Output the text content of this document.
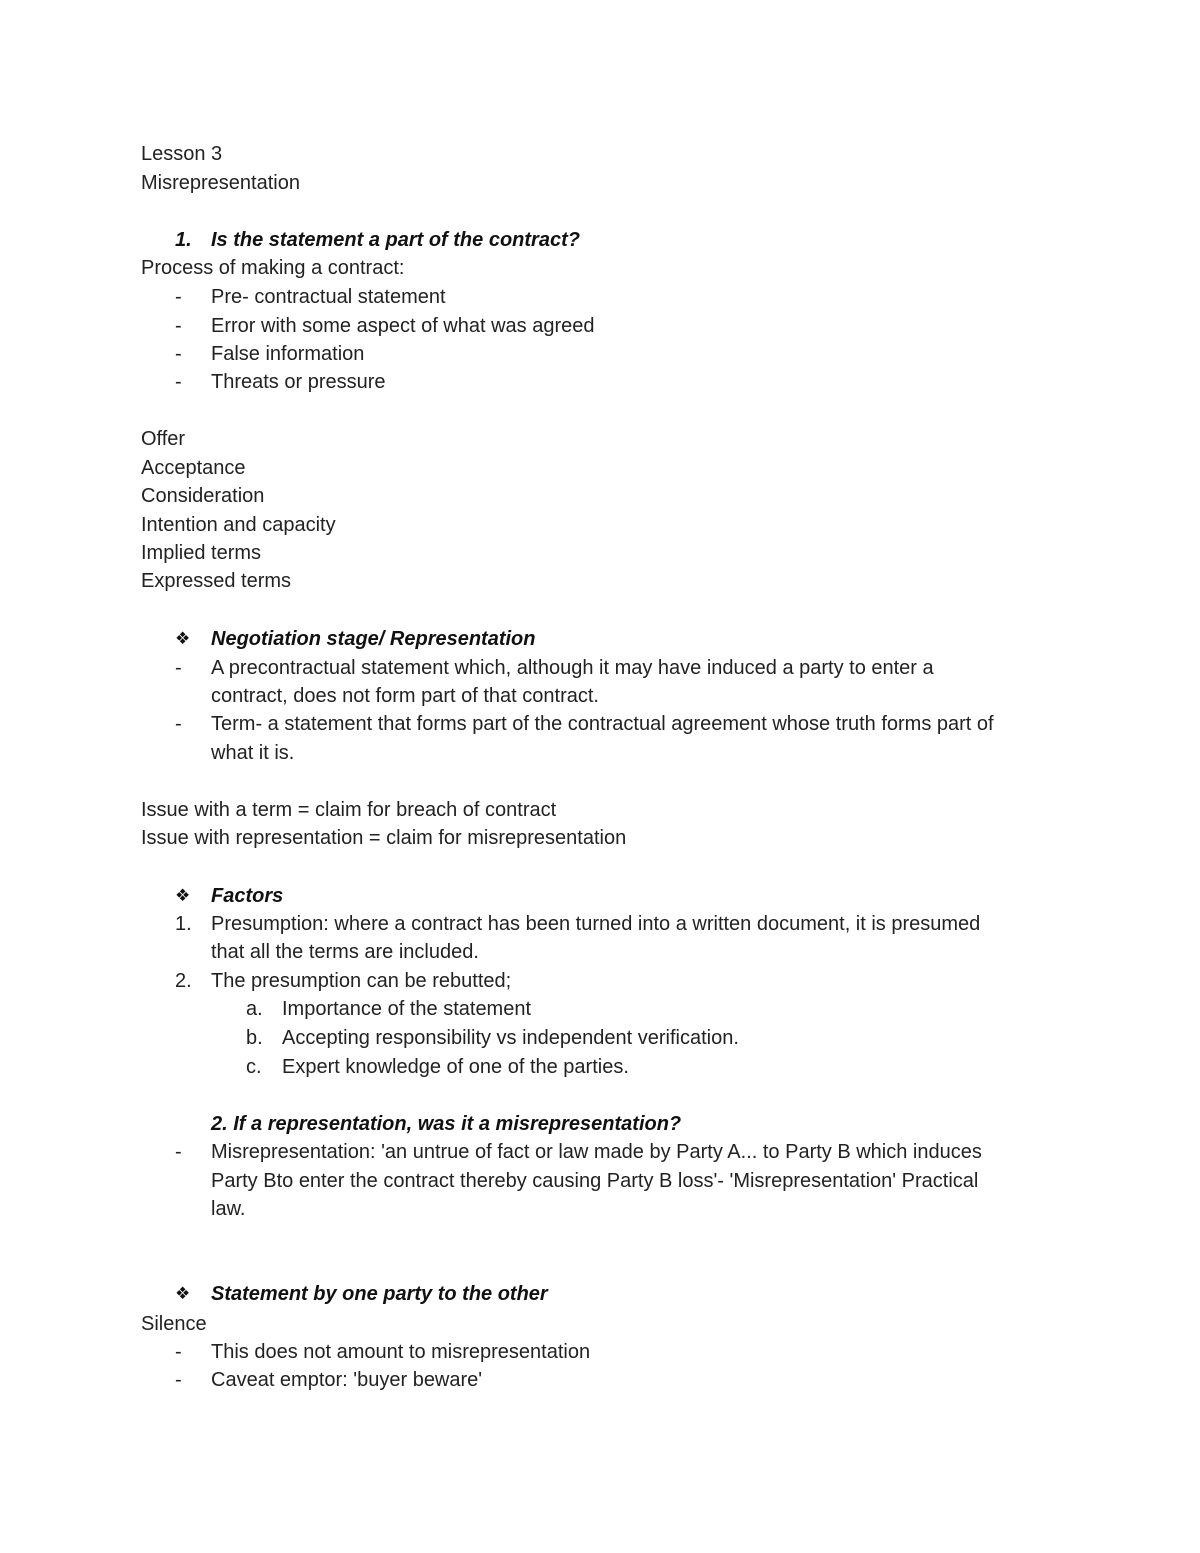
Lesson 3
Misrepresentation
1. Is the statement a part of the contract?
Process of making a contract:
- Pre- contractual statement
- Error with some aspect of what was agreed
- False information
- Threats or pressure
Offer
Acceptance
Consideration
Intention and capacity
Implied terms
Expressed terms
❖ Negotiation stage/ Representation
- A precontractual statement which, although it may have induced a party to enter a
contract, does not form part of that contract.
- Term- a statement that forms part of the contractual agreement whose truth forms part of
what it is.
Issue with a term = claim for breach of contract
Issue with representation = claim for misrepresentation
❖ Factors
1. Presumption: where a contract has been turned into a written document, it is presumed
that all the terms are included.
2. The presumption can be rebutted;
a. Importance of the statement
b. Accepting responsibility vs independent verification.
c. Expert knowledge of one of the parties.
2. If a representation, was it a misrepresentation?
- Misrepresentation: 'an untrue of fact or law made by Party A... to Party B which induces
Party Bto enter the contract thereby causing Party B loss'- 'Misrepresentation' Practical
law.
❖ Statement by one party to the other
Silence
- This does not amount to misrepresentation
- Caveat emptor: 'buyer beware'
